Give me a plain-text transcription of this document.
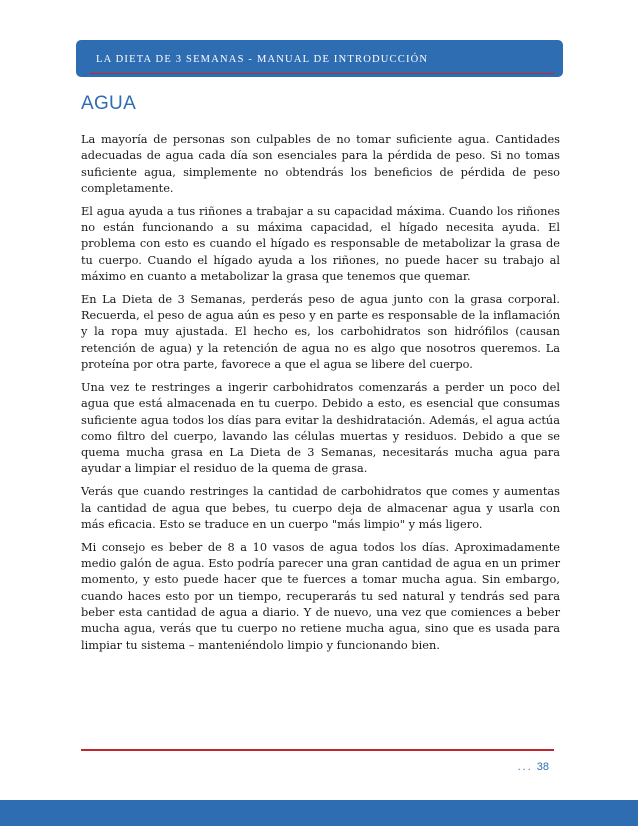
LA DIETA DE 3 SEMANAS - MANUAL DE INTRODUCCIÓN
AGUA

La mayoría de personas son culpables de no tomar suficiente agua. Cantidades adecuadas de agua cada día son esenciales para la pérdida de peso. Si no tomas suficiente agua, simplemente no obtendrás los beneficios de pérdida de peso completamente.

El agua ayuda a tus riñones a trabajar a su capacidad máxima. Cuando los riñones no están funcionando a su máxima capacidad, el hígado necesita ayuda. El problema con esto es cuando el hígado es responsable de metabolizar la grasa de tu cuerpo. Cuando el hígado ayuda a los riñones, no puede hacer su trabajo al máximo en cuanto a metabolizar la grasa que tenemos que quemar.

En La Dieta de 3 Semanas, perderás peso de agua junto con la grasa corporal. Recuerda, el peso de agua aún es peso y en parte es responsable de la inflamación y la ropa muy ajustada. El hecho es, los carbohidratos son hidrófilos (causan retención de agua) y la retención de agua no es algo que nosotros queremos. La proteína por otra parte, favorece a que el agua se libere del cuerpo.

Una vez te restringes a ingerir carbohidratos comenzarás a perder un poco del agua que está almacenada en tu cuerpo. Debido a esto, es esencial que consumas suficiente agua todos los días para evitar la deshidratación. Además, el agua actúa como filtro del cuerpo, lavando las células muertas y residuos. Debido a que se quema mucha grasa en La Dieta de 3 Semanas, necesitarás mucha agua para ayudar a limpiar el residuo de la quema de grasa.

Verás que cuando restringes la cantidad de carbohidratos que comes y aumentas la cantidad de agua que bebes, tu cuerpo deja de almacenar agua y usarla con más eficacia. Esto se traduce en un cuerpo "más limpio" y más ligero.

Mi consejo es beber de 8 a 10 vasos de agua todos los días. Aproximadamente medio galón de agua. Esto podría parecer una gran cantidad de agua en un primer momento, y esto puede hacer que te fuerces a tomar mucha agua. Sin embargo, cuando haces esto por un tiempo, recuperarás tu sed natural y tendrás sed para beber esta cantidad de agua a diario. Y de nuevo, una vez que comiences a beber mucha agua, verás que tu cuerpo no retiene mucha agua, sino que es usada para limpiar tu sistema – manteniéndolo limpio y funcionando bien.

... 38
